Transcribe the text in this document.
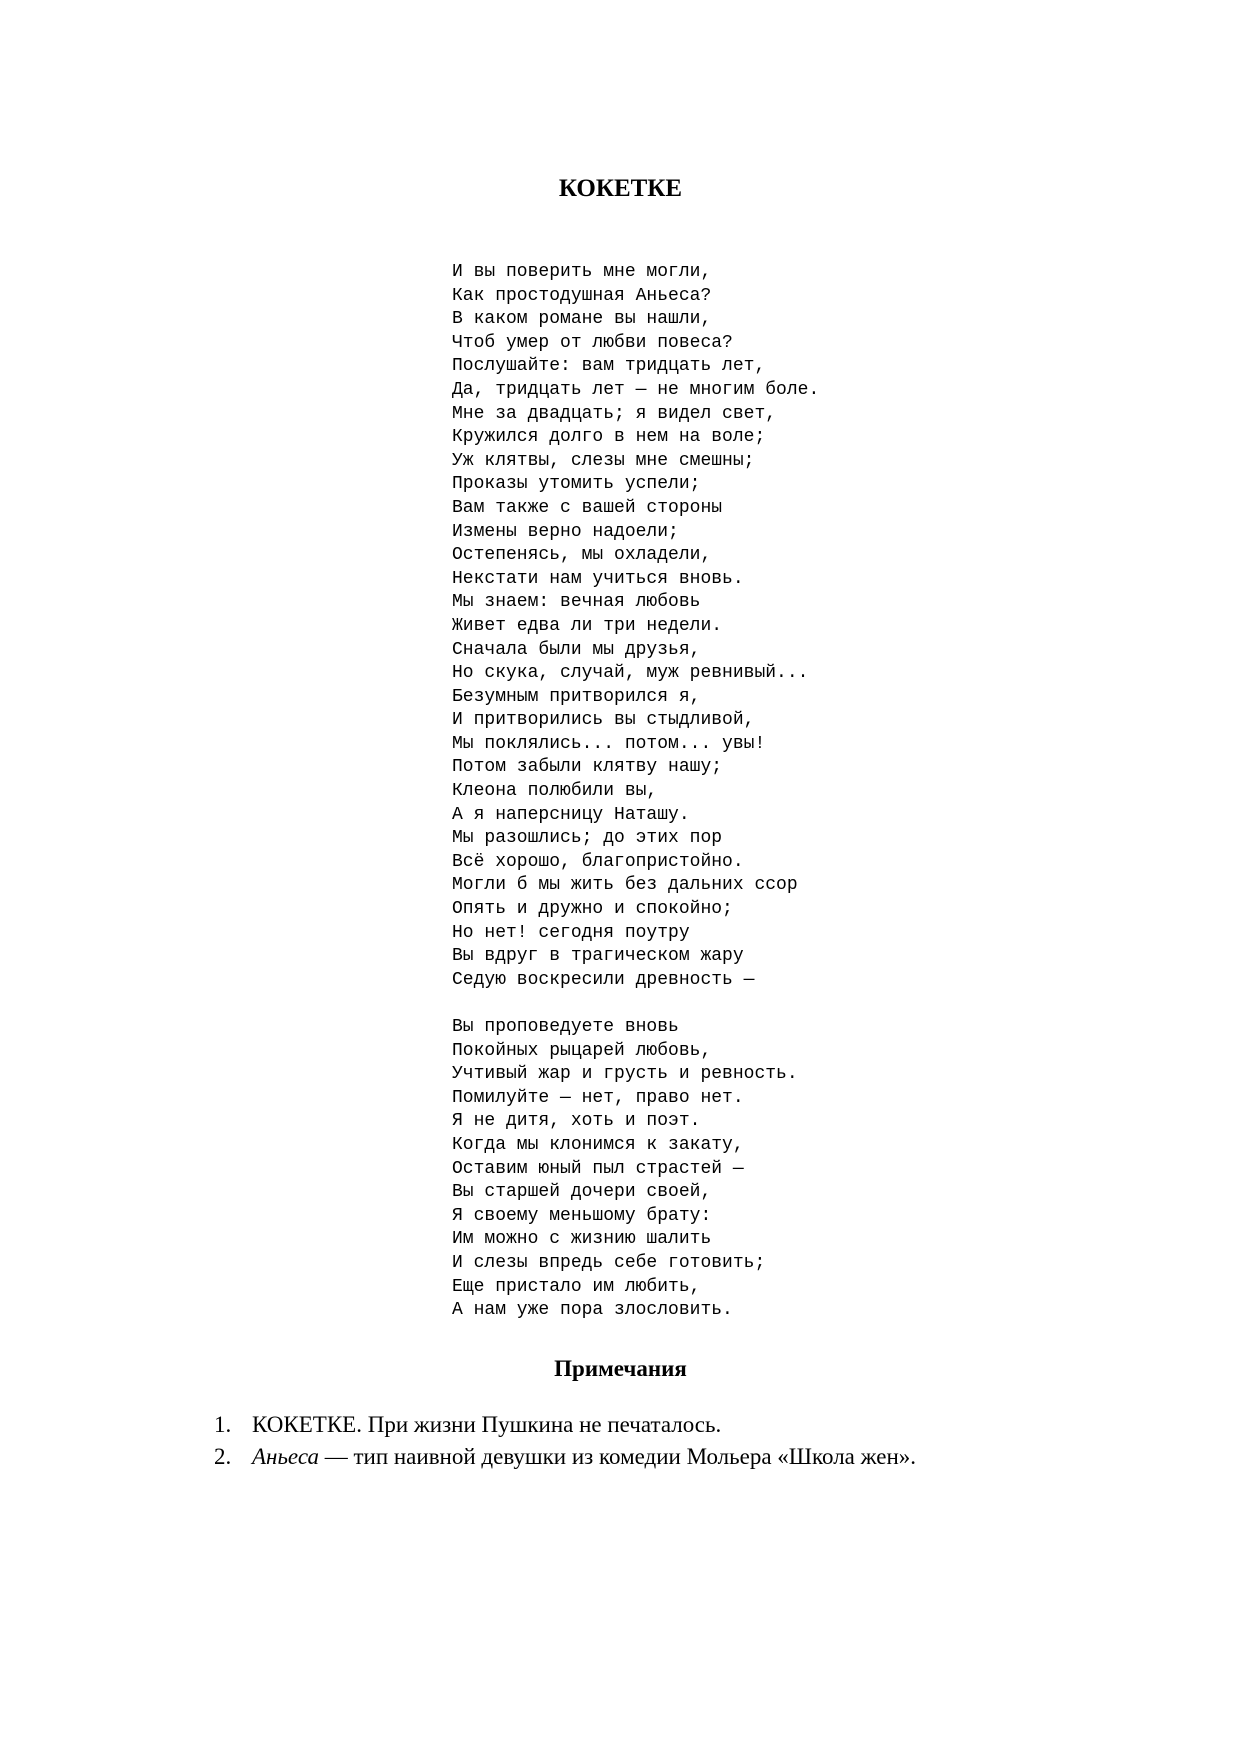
КОКЕТКЕ
И вы поверить мне могли,
Как простодушная Аньеса?
В каком романе вы нашли,
Чтоб умер от любви повеса?
Послушайте: вам тридцать лет,
Да, тридцать лет — не многим боле.
Мне за двадцать; я видел свет,
Кружился долго в нем на воле;
Уж клятвы, слезы мне смешны;
Проказы утомить успели;
Вам также с вашей стороны
Измены верно надоели;
Остепенясь, мы охладели,
Некстати нам учиться вновь.
Мы знаем: вечная любовь
Живет едва ли три недели.
Сначала были мы друзья,
Но скука, случай, муж ревнивый...
Безумным притворился я,
И притворились вы стыдливой,
Мы поклялись... потом... увы!
Потом забыли клятву нашу;
Клеона полюбили вы,
А я наперсницу Наташу.
Мы разошлись; до этих пор
Всё хорошо, благопристойно.
Могли б мы жить без дальних ссор
Опять и дружно и спокойно;
Но нет! сегодня поутру
Вы вдруг в трагическом жару
Седую воскресили древность —
Вы проповедуете вновь
Покойных рыцарей любовь,
Учтивый жар и грусть и ревность.
Помилуйте — нет, право нет.
Я не дитя, хоть и поэт.
Когда мы клонимся к закату,
Оставим юный пыл страстей —
Вы старшей дочери своей,
Я своему меньшому брату:
Им можно с жизнию шалить
И слезы впредь себе готовить;
Еще пристало им любить,
А нам уже пора злословить.
Примечания
1. КОКЕТКЕ. При жизни Пушкина не печаталось.
2. Аньеса — тип наивной девушки из комедии Мольера «Школа жен».
